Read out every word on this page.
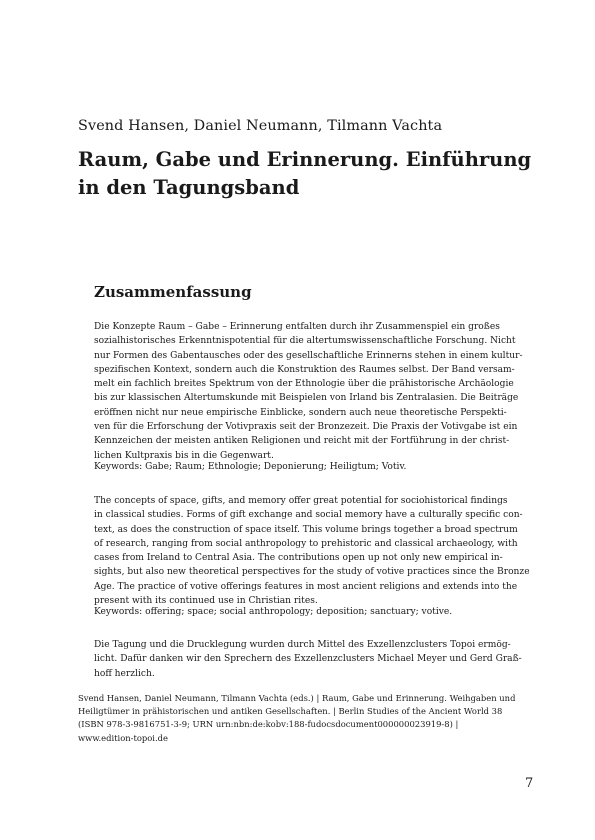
Svend Hansen, Daniel Neumann, Tilmann Vachta
Raum, Gabe und Erinnerung. Einführung in den Tagungsband
Zusammenfassung
Die Konzepte Raum – Gabe – Erinnerung entfalten durch ihr Zusammenspiel ein großes
sozialhistorisches Erkenntnispotential für die altertumswissenschaftliche Forschung. Nicht
nur Formen des Gabentausches oder des gesellschaftliche Erinnerns stehen in einem kultur-
spezifischen Kontext, sondern auch die Konstruktion des Raumes selbst. Der Band versam-
melt ein fachlich breites Spektrum von der Ethnologie über die prähistorische Archäologie
bis zur klassischen Altertumskunde mit Beispielen von Irland bis Zentralasien. Die Beiträge
eröffnen nicht nur neue empirische Einblicke, sondern auch neue theoretische Perspekti-
ven für die Erforschung der Votivpraxis seit der Bronzezeit. Die Praxis der Votivgabe ist ein
Kennzeichen der meisten antiken Religionen und reicht mit der Fortführung in der christ-
lichen Kultpraxis bis in die Gegenwart.
Keywords: Gabe; Raum; Ethnologie; Deponierung; Heiligtum; Votiv.
The concepts of space, gifts, and memory offer great potential for sociohistorical findings
in classical studies. Forms of gift exchange and social memory have a culturally specific con-
text, as does the construction of space itself. This volume brings together a broad spectrum
of research, ranging from social anthropology to prehistoric and classical archaeology, with
cases from Ireland to Central Asia. The contributions open up not only new empirical in-
sights, but also new theoretical perspectives for the study of votive practices since the Bronze
Age. The practice of votive offerings features in most ancient religions and extends into the
present with its continued use in Christian rites.
Keywords: offering; space; social anthropology; deposition; sanctuary; votive.
Die Tagung und die Drucklegung wurden durch Mittel des Exzellenzclusters Topoi ermög-
licht. Dafür danken wir den Sprechern des Exzellenzclusters Michael Meyer und Gerd Graß-
hoff herzlich.
Svend Hansen, Daniel Neumann, Tilmann Vachta (eds.) | Raum, Gabe und Erinnerung. Weihgaben und
Heiligtümer in prähistorischen und antiken Gesellschaften. | Berlin Studies of the Ancient World 38
(ISBN 978-3-9816751-3-9; URN urn:nbn:de:kobv:188-fudocsdocument000000023919-8) |
www.edition-topoi.de
7
